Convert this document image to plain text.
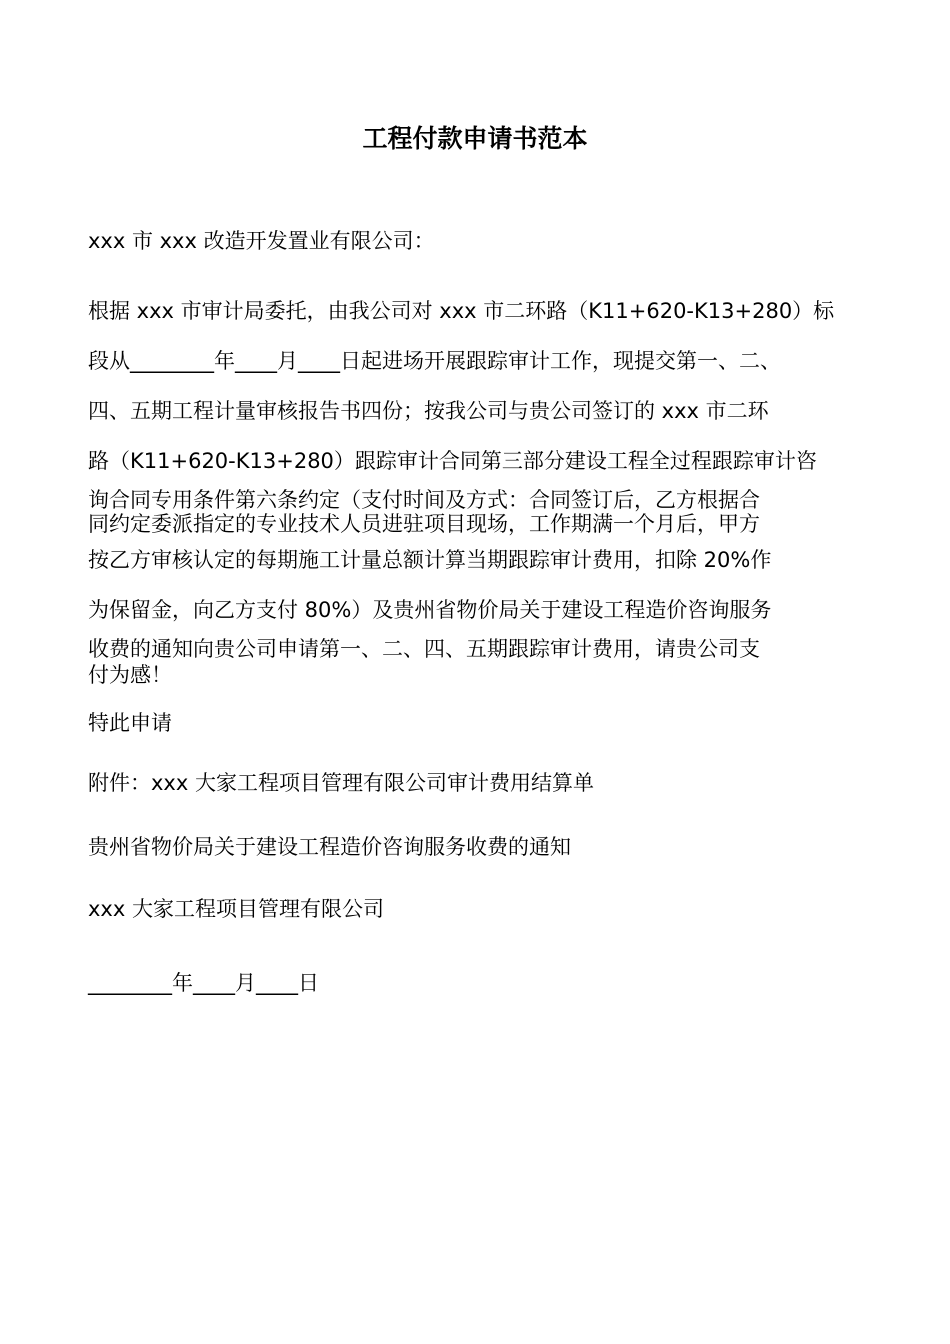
工程付款申请书范本

xxx 市 xxx 改造开发置业有限公司：

根据 xxx 市审计局委托，由我公司对 xxx 市二环路（K11+620-K13+280）标

段从________年____月____日起进场开展跟踪审计工作，现提交第一、二、

四、五期工程计量审核报告书四份；按我公司与贵公司签订的 xxx 市二环

路（K11+620-K13+280）跟踪审计合同第三部分建设工程全过程跟踪审计咨

询合同专用条件第六条约定（支付时间及方式：合同签订后，乙方根据合

同约定委派指定的专业技术人员进驻项目现场，工作期满一个月后，甲方

按乙方审核认定的每期施工计量总额计算当期跟踪审计费用，扣除 20%作

为保留金，向乙方支付 80%）及贵州省物价局关于建设工程造价咨询服务

收费的通知向贵公司申请第一、二、四、五期跟踪审计费用，请贵公司支

付为感！

特此申请

附件：xxx 大家工程项目管理有限公司审计费用结算单

贵州省物价局关于建设工程造价咨询服务收费的通知

xxx 大家工程项目管理有限公司

________年____月____日
